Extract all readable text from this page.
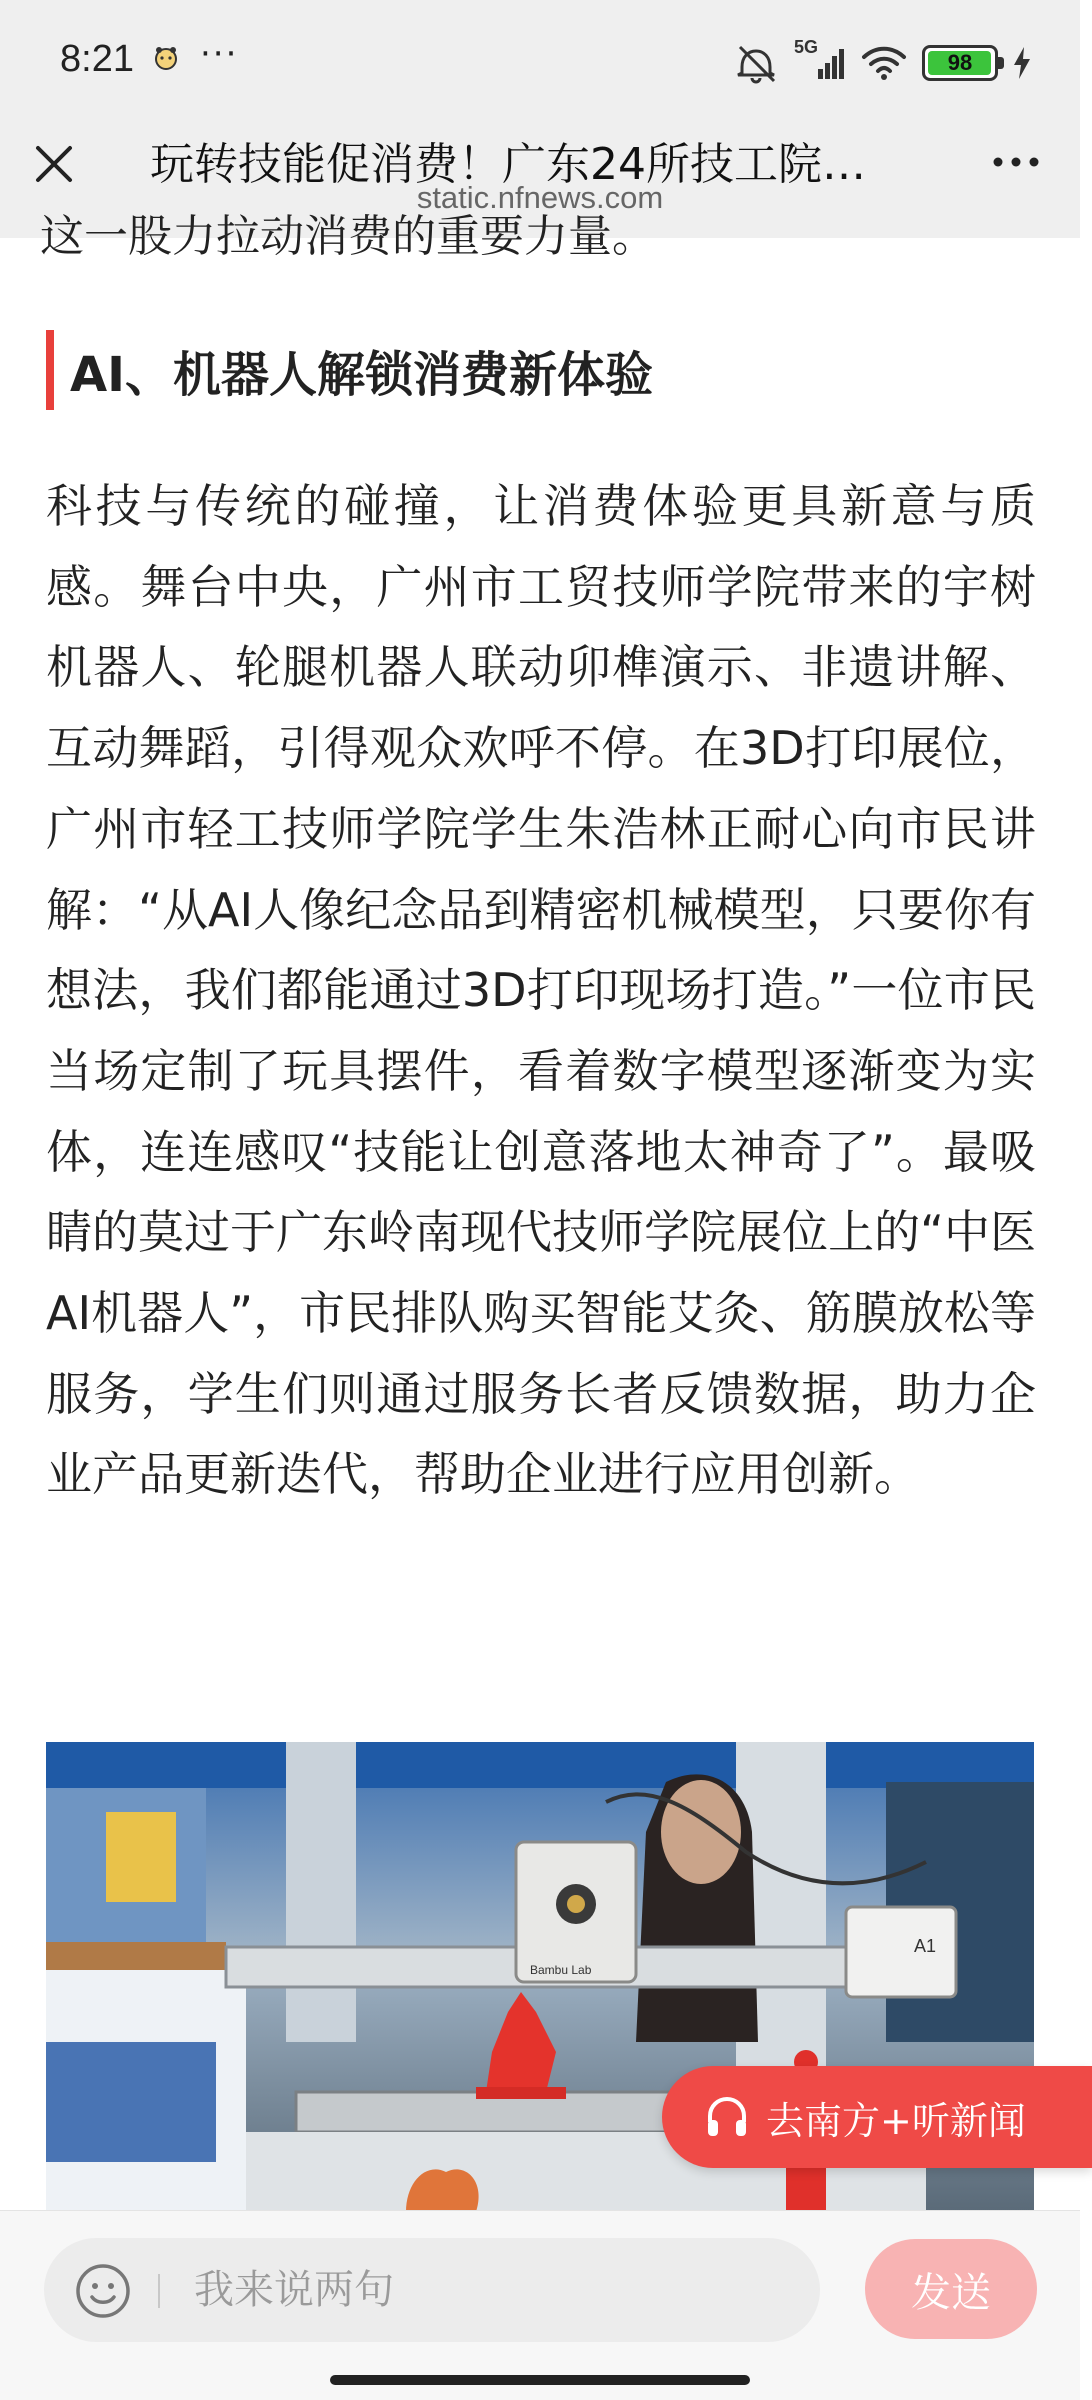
8:21 ···	5G
98
玩转技能促消费！广东24所技工院…
static.nfnews.com
这一股力拉动消费的重要力量。
AI、机器人解锁消费新体验
科技与传统的碰撞，让消费体验更具新意与质感。舞台中央，广州市工贸技师学院带来的宇树机器人、轮腿机器人联动卯榫演示、非遗讲解、互动舞蹈，引得观众欢呼不停。在3D打印展位，广州市轻工技师学院学生朱浩林正耐心向市民讲解：“从AI人像纪念品到精密机械模型，只要你有想法，我们都能通过3D打印现场打造。”一位市民当场定制了玩具摆件，看着数字模型逐渐变为实体，连连感叹“技能让创意落地太神奇了”。最吸睛的莫过于广东岭南现代技师学院展位上的“中医AI机器人”，市民排队购买智能艾灸、筋膜放松等服务，学生们则通过服务长者反馈数据，助力企业产品更新迭代，帮助企业进行应用创新。
A1
Bambu Lab
去南方+听新闻
我来说两句	发送
